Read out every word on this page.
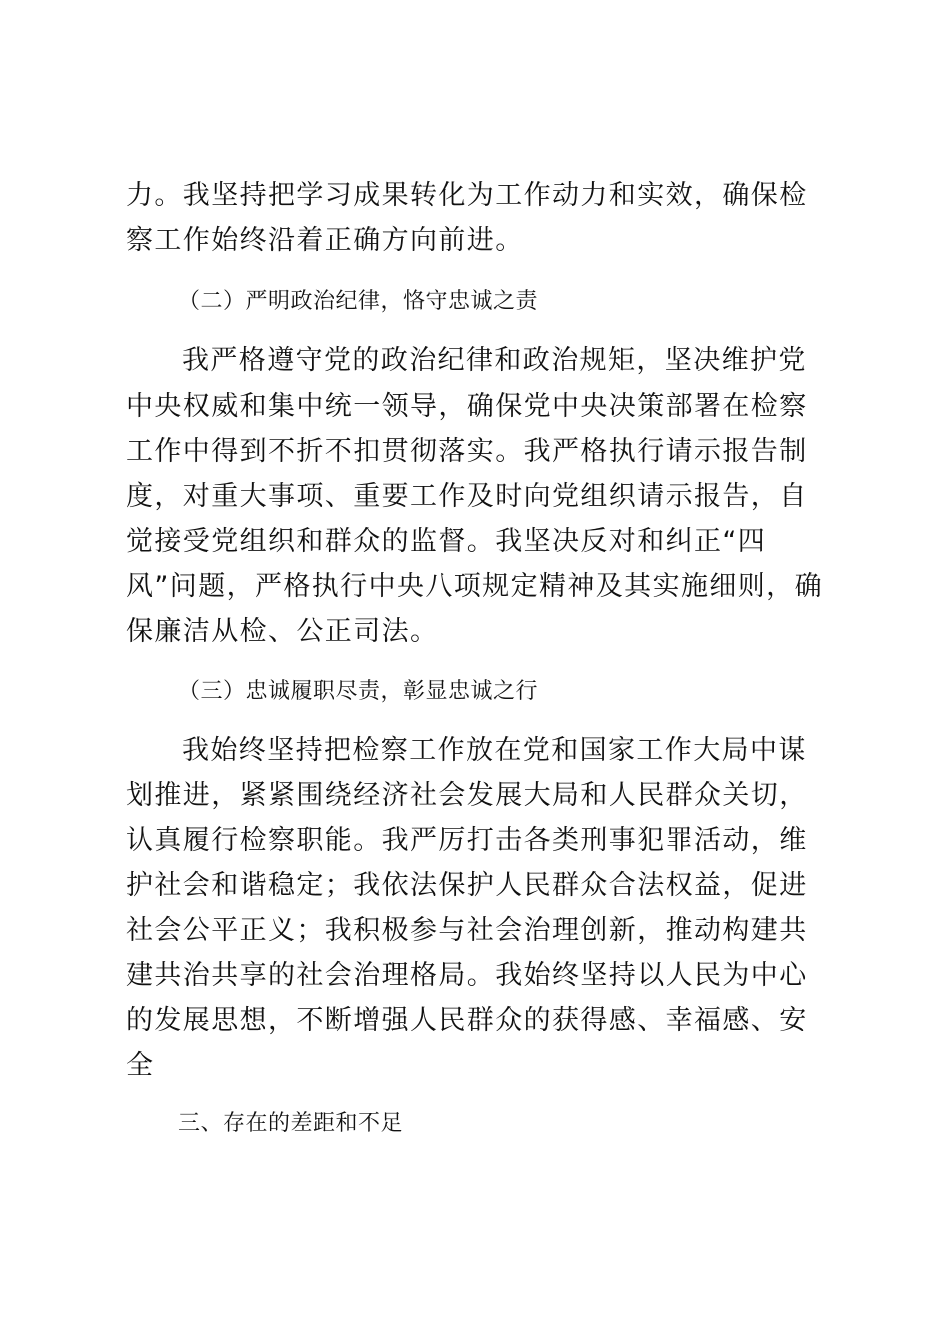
力。我坚持把学习成果转化为工作动力和实效，确保检
察工作始终沿着正确方向前进。
（二）严明政治纪律，恪守忠诚之责
我严格遵守党的政治纪律和政治规矩，坚决维护党
中央权威和集中统一领导，确保党中央决策部署在检察
工作中得到不折不扣贯彻落实。我严格执行请示报告制
度，对重大事项、重要工作及时向党组织请示报告，自
觉接受党组织和群众的监督。我坚决反对和纠正“四
风”问题，严格执行中央八项规定精神及其实施细则，确
保廉洁从检、公正司法。
（三）忠诚履职尽责，彰显忠诚之行
我始终坚持把检察工作放在党和国家工作大局中谋
划推进，紧紧围绕经济社会发展大局和人民群众关切，
认真履行检察职能。我严厉打击各类刑事犯罪活动，维
护社会和谐稳定；我依法保护人民群众合法权益，促进
社会公平正义；我积极参与社会治理创新，推动构建共
建共治共享的社会治理格局。我始终坚持以人民为中心
的发展思想，不断增强人民群众的获得感、幸福感、安
全
三、存在的差距和不足
